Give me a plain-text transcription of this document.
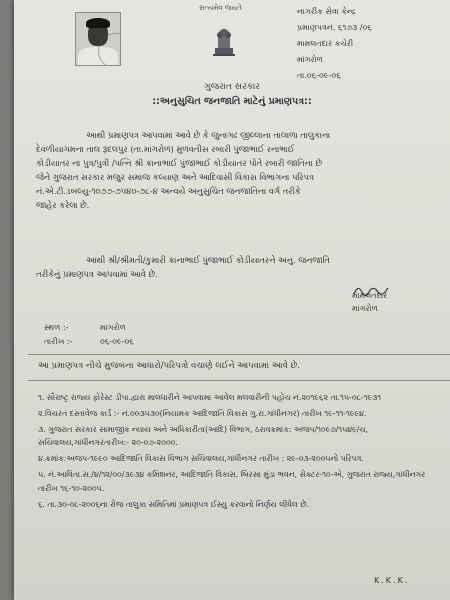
સત્યમેવ જયતે	નાગરીક સેવા કેન્દ્ર
પ્રમાણપત્રનં. ૬૧૭૩ /૦૬
મામલતદાર કચેરી
માંગરોળ
તા.૦૬-૦૯-૦૬
ગુજરાત સરકાર
::અનુસુચિત જનજાતિ માટેનું પ્રમાણપત્ર::

આથી પ્રમાણપત્ર આપવામાં આવે છે કે જુનાગઢ જીલ્લાના તાલાળા તાલુકાના

દેવળીયાગમના તાલ રૂદલપુર (તા.માંગરોળ) મુળવતીસ રબારી પુંજાભાઈ રનાભાઈ

કોડીયાતર ના પુત્ર/પુત્રી /પત્નિ શ્રી ક્રાનાભાઈ પુંજાભાઈ કોડીયાતર પોતે રબારી જાતિના છે

જેને ગુજરાત સરકાર મજુર સમાજ કલ્યાણ અને આદિવાસી વિકાસ વિભાગના પરિપત્ર

નં.એ.ટી.ડબલ્યુ-૧૦૭૭-૭૫૪૦-૭૮-૪ અન્વયે અનુસુચિત જનજાતિના વર્ગ તરીકે

જાહેર કરેલા છે.

આથી શ્રી/શ્રીમતી/કુમારી ક્રાનાભાઈ પુંજાભાઈ કોડીયાતરને અનુ. જનજાતિ

તરીકેનું પ્રમાણપત્ર આપવામાં આવે છે.

મામલતદાર
માંગરોળ
સ્થળ :-	માંગરોળ
તારીખ :-	૦૬-૦૯-૦૬
આ પ્રમાણપત્ર નીચે મુજબના આધારો/પરિપત્રો વંચાણે લઈને આપવામાં આવે છે.
૧. સૌરાષ્ટ્ર રાજ્ય ફોરેસ્ટ ડીપા.દ્વારા માલધારીને આપવામા આવેલ મલવારીની પહોંચ નં.૨૦૧૯૬૨ તા.૧૫-૦૮-૧૯૩૧
૨.વિચરત દસ્તાવેજ કાર્ડ :- નં.૦૦૩૫૩૦(નિયામક આદિજાતિ વિકાસ ગુ.રા.ગાંધીનગર) તારીખ ૧૯-૧૧-૧૯૯૪.
૩. ગુજરાત સરકાર સામાજીક ન્યાય અને અધિકારીતા(આદિ) વિભાગ, ઠરાવક્રમાંક: અજપ/૧૦૯૭/૧૫૪૯/ચ, સચિવાલય,ગાંધીનગરતારીખ:- ૨૦-૦૭-૨૦૦૦.
૪.ક્રમાંક:અજપ-૧૯૯૦ આદિજાતિ વિકાસ વિભાગ સચિવાલય,ગાંધીનગર તારીખ : ૨૯-૦૩-૨૦૦૫નો પરિપત્ર.
૫. નં.આવિતા.સ./૪/૧૨/૦૦/૩૯૩૪ કમિશનર, આદિજાતિ વિકાસ, બિરસા મુંડા ભવન, સેક્ટર-૧૦-એ, ગુજરાત રાજ્ય,ગાંધીનગર તારીખ ૧૬-૧૦-૨૦૦૫.
૬. તા.૩૦-૦૮-૨૦૦૬ના રોજ તાલુકા સમિતિમાં પ્રમાણપત્ર ઈસ્યુ કરવાનો નિર્ણય લીધેલ છે.
K.K.K.
